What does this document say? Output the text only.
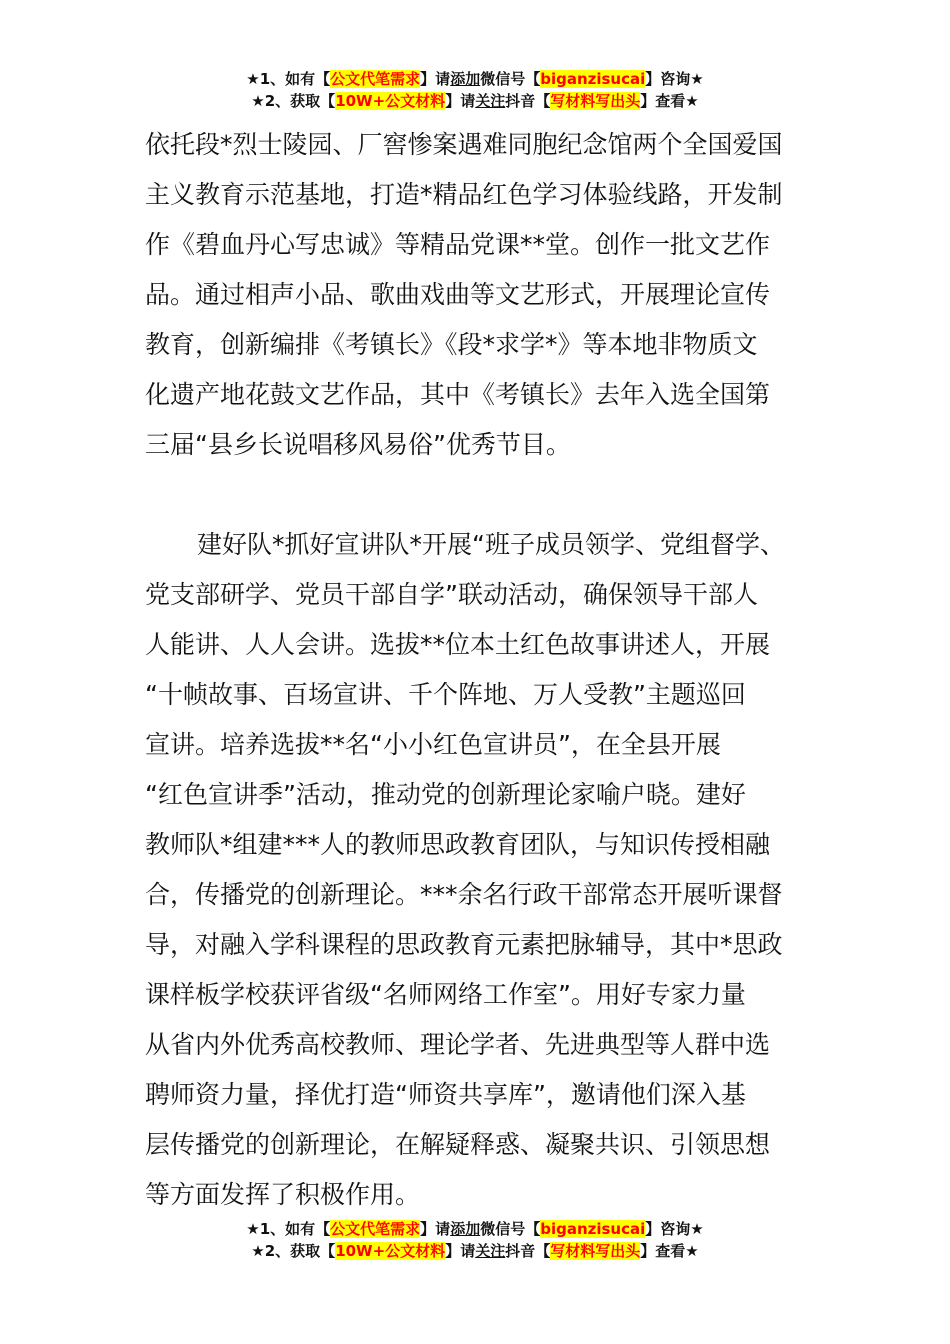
★1、如有【公文代笔需求】请添加微信号【biganzisucai】咨询★
★2、获取【10W+公文材料】请关注抖音【写材料写出头】查看★
依托段*烈士陵园、厂窖惨案遇难同胞纪念馆两个全国爱国
主义教育示范基地，打造*精品红色学习体验线路，开发制
作《碧血丹心写忠诚》等精品党课**堂。创作一批文艺作
品。通过相声小品、歌曲戏曲等文艺形式，开展理论宣传
教育，创新编排《考镇长》《段*求学*》等本地非物质文
化遗产地花鼓文艺作品，其中《考镇长》去年入选全国第
三届“县乡长说唱移风易俗”优秀节目。
建好队*抓好宣讲队*开展“班子成员领学、党组督学、
党支部研学、党员干部自学”联动活动，确保领导干部人
人能讲、人人会讲。选拔**位本土红色故事讲述人，开展
“十帧故事、百场宣讲、千个阵地、万人受教”主题巡回
宣讲。培养选拔**名“小小红色宣讲员”，在全县开展
“红色宣讲季”活动，推动党的创新理论家喻户晓。建好
教师队*组建***人的教师思政教育团队，与知识传授相融
合，传播党的创新理论。***余名行政干部常态开展听课督
导，对融入学科课程的思政教育元素把脉辅导，其中*思政
课样板学校获评省级“名师网络工作室”。用好专家力量
从省内外优秀高校教师、理论学者、先进典型等人群中选
聘师资力量，择优打造“师资共享库”，邀请他们深入基
层传播党的创新理论，在解疑释惑、凝聚共识、引领思想
等方面发挥了积极作用。
★1、如有【公文代笔需求】请添加微信号【biganzisucai】咨询★
★2、获取【10W+公文材料】请关注抖音【写材料写出头】查看★
